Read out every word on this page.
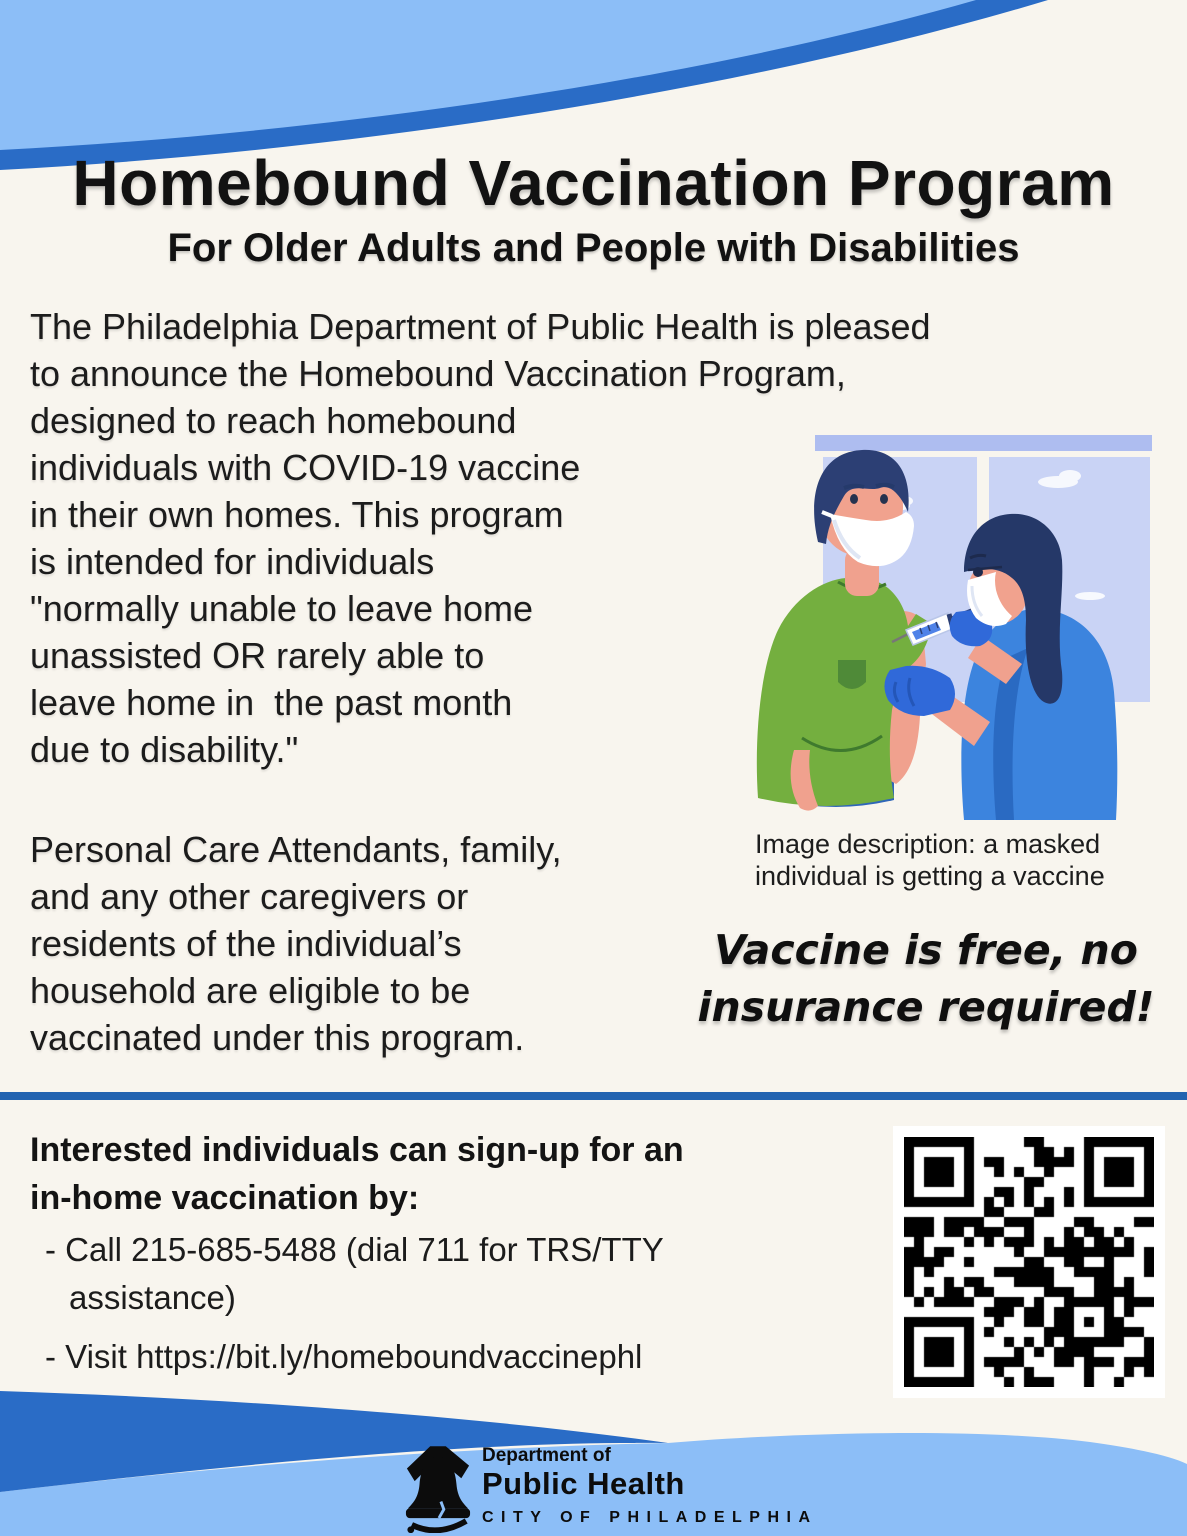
Homebound Vaccination Program
For Older Adults and People with Disabilities
The Philadelphia Department of Public Health is pleased
to announce the Homebound Vaccination Program,
designed to reach homebound
individuals with COVID-19 vaccine
in their own homes. This program
is intended for individuals
"normally unable to leave home
unassisted OR rarely able to
leave home in  the past month
due to disability."
Personal Care Attendants, family,
and any other caregivers or
residents of the individual’s
household are eligible to be
vaccinated under this program.
Image description: a masked
individual is getting a vaccine
Vaccine is free, no
insurance required!
Interested individuals can sign-up for an
in-home vaccination by:
- Call 215-685-5488 (dial 711 for TRS/TTY
assistance)
- Visit https://bit.ly/homeboundvaccinephl
Department of
Public Health
CITY OF PHILADELPHIA
